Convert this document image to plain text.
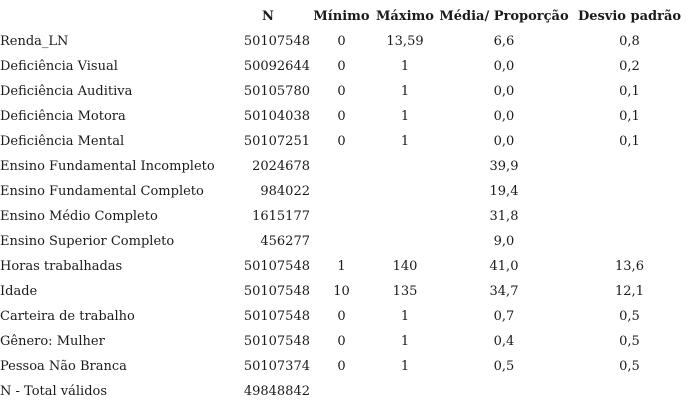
	N	Mínimo	Máximo	Média/ Proporção	Desvio padrão
Renda_LN	50107548	0	13,59	6,6	0,8
Deficiência Visual	50092644	0	1	0,0	0,2
Deficiência Auditiva	50105780	0	1	0,0	0,1
Deficiência Motora	50104038	0	1	0,0	0,1
Deficiência Mental	50107251	0	1	0,0	0,1
Ensino Fundamental Incompleto	2024678			39,9	
Ensino Fundamental Completo	984022			19,4	
Ensino Médio Completo	1615177			31,8	
Ensino Superior Completo	456277			9,0	
Horas trabalhadas	50107548	1	140	41,0	13,6
Idade	50107548	10	135	34,7	12,1
Carteira de trabalho	50107548	0	1	0,7	0,5
Gênero: Mulher	50107548	0	1	0,4	0,5
Pessoa Não Branca	50107374	0	1	0,5	0,5
N - Total válidos	49848842				
